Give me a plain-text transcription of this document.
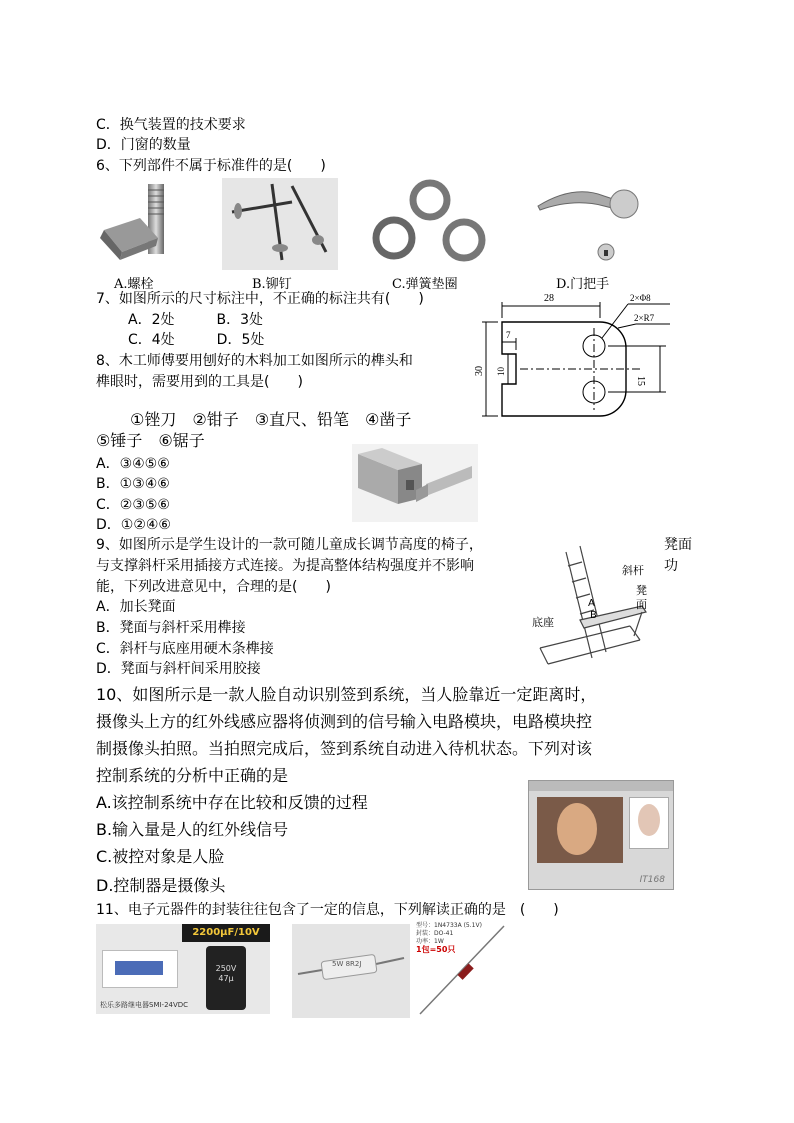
C．换气装置的技术要求
D．门窗的数量
6、下列部件不属于标准件的是(　　)
A.螺栓	B.铆钉	C.弹簧垫圈	D.门把手
7、如图所示的尺寸标注中，不正确的标注共有(　　)
　A．2处　　　B．3处
　C．4处　　　D．5处
28	2×Φ8
2×R7
7
10
30
15
8、木工师傅要用刨好的木料加工如图所示的榫头和
榫眼时，需要用到的工具是(　　)
①锉刀　②钳子　③直尺、铅笔　④凿子
⑤锤子　⑥锯子
A．③④⑤⑥
B．①③④⑥
C．②③⑤⑥
D．①②④⑥
9、如图所示是学生设计的一款可随儿童成长调节高度的椅子，	凳面
与支撑斜杆采用插接方式连接。为提高整体结构强度并不影响	功
能，下列改进意见中，合理的是(　　)
A．加长凳面
B．凳面与斜杆采用榫接
C．斜杆与底座用硬木条榫接
D．凳面与斜杆间采用胶接
斜杆
凳
面
底座
A
B
10、如图所示是一款人脸自动识别签到系统，当人脸靠近一定距离时，
摄像头上方的红外线感应器将侦测到的信号输入电路模块，电路模块控
制摄像头拍照。当拍照完成后，签到系统自动进入待机状态。下列对该
控制系统的分析中正确的是
A.该控制系统中存在比较和反馈的过程
B.输入量是人的红外线信号
C.被控对象是人脸
D.控制器是摄像头	IT168
11、电子元器件的封装往往包含了一定的信息，下列解读正确的是　(　　)
2200μF/10V
250V 47μ
松乐多路继电器SMI-24VDC
5W 8R2J
型号：1N4733A (5.1V)
封装：DO-41
功率：1W
1包=50只
